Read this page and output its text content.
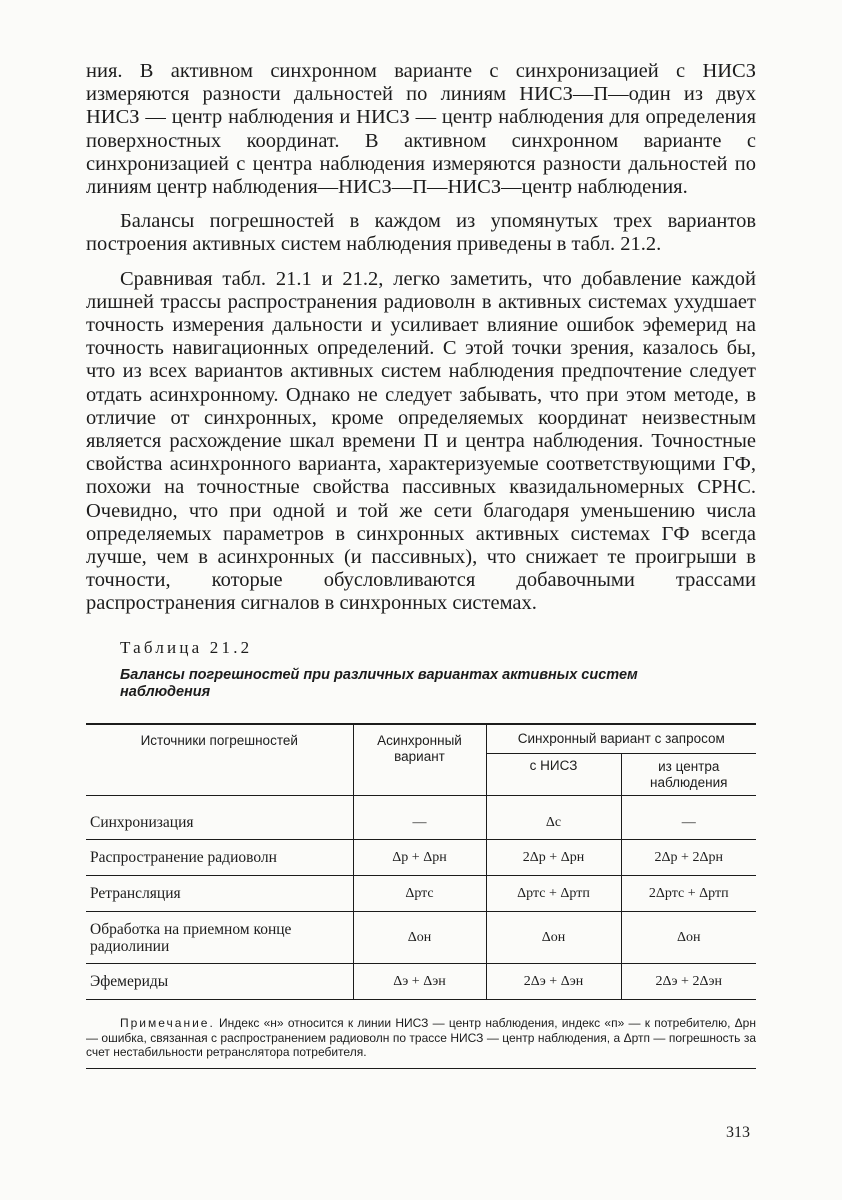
ния. В активном синхронном варианте с синхронизацией с НИСЗ измеряются разности дальностей по линиям НИСЗ—П—один из двух НИСЗ — центр наблюдения и НИСЗ — центр наблюдения для определения поверхностных координат. В активном синхронном варианте с синхронизацией с центра наблюдения измеряются разности дальностей по линиям центр наблюдения—НИСЗ—П—НИСЗ—центр наблюдения.

Балансы погрешностей в каждом из упомянутых трех вариантов построения активных систем наблюдения приведены в табл. 21.2.

Сравнивая табл. 21.1 и 21.2, легко заметить, что добавление каждой лишней трассы распространения радиоволн в активных системах ухудшает точность измерения дальности и усиливает влияние ошибок эфемерид на точность навигационных определений. С этой точки зрения, казалось бы, что из всех вариантов активных систем наблюдения предпочтение следует отдать асинхронному. Однако не следует забывать, что при этом методе, в отличие от синхронных, кроме определяемых координат неизвестным является расхождение шкал времени П и центра наблюдения. Точностные свойства асинхронного варианта, характеризуемые соответствующими ГФ, похожи на точностные свойства пассивных квазидальномерных СРНС. Очевидно, что при одной и той же сети благодаря уменьшению числа определяемых параметров в синхронных активных системах ГФ всегда лучше, чем в асинхронных (и пассивных), что снижает те проигрыши в точности, которые обусловливаются добавочными трассами распространения сигналов в синхронных системах.

Таблица 21.2
Балансы погрешностей при различных вариантах активных систем наблюдения
Источники погрешностей	Асинхронный вариант	Синхронный вариант с запросом	
		с НИСЗ	из центра наблюдения
Синхронизация	—	Δс	—
Распространение радиоволн	Δр + Δрн	2Δр + Δрн	2Δр + 2Δрн
Ретрансляция	Δртс	Δртс + Δртп	2Δртс + Δртп
Обработка на приемном конце радиолинии	Δон	Δон	Δон
Эфемериды	Δэ + Δэн	2Δэ + Δэн	2Δэ + 2Δэн
Примечание. Индекс «н» относится к линии НИСЗ — центр наблюдения, индекс «п» — к потребителю, Δрн — ошибка, связанная с распространением радиоволн по трассе НИСЗ — центр наблюдения, а Δртп — погрешность за счет нестабильности ретранслятора потребителя.
313
